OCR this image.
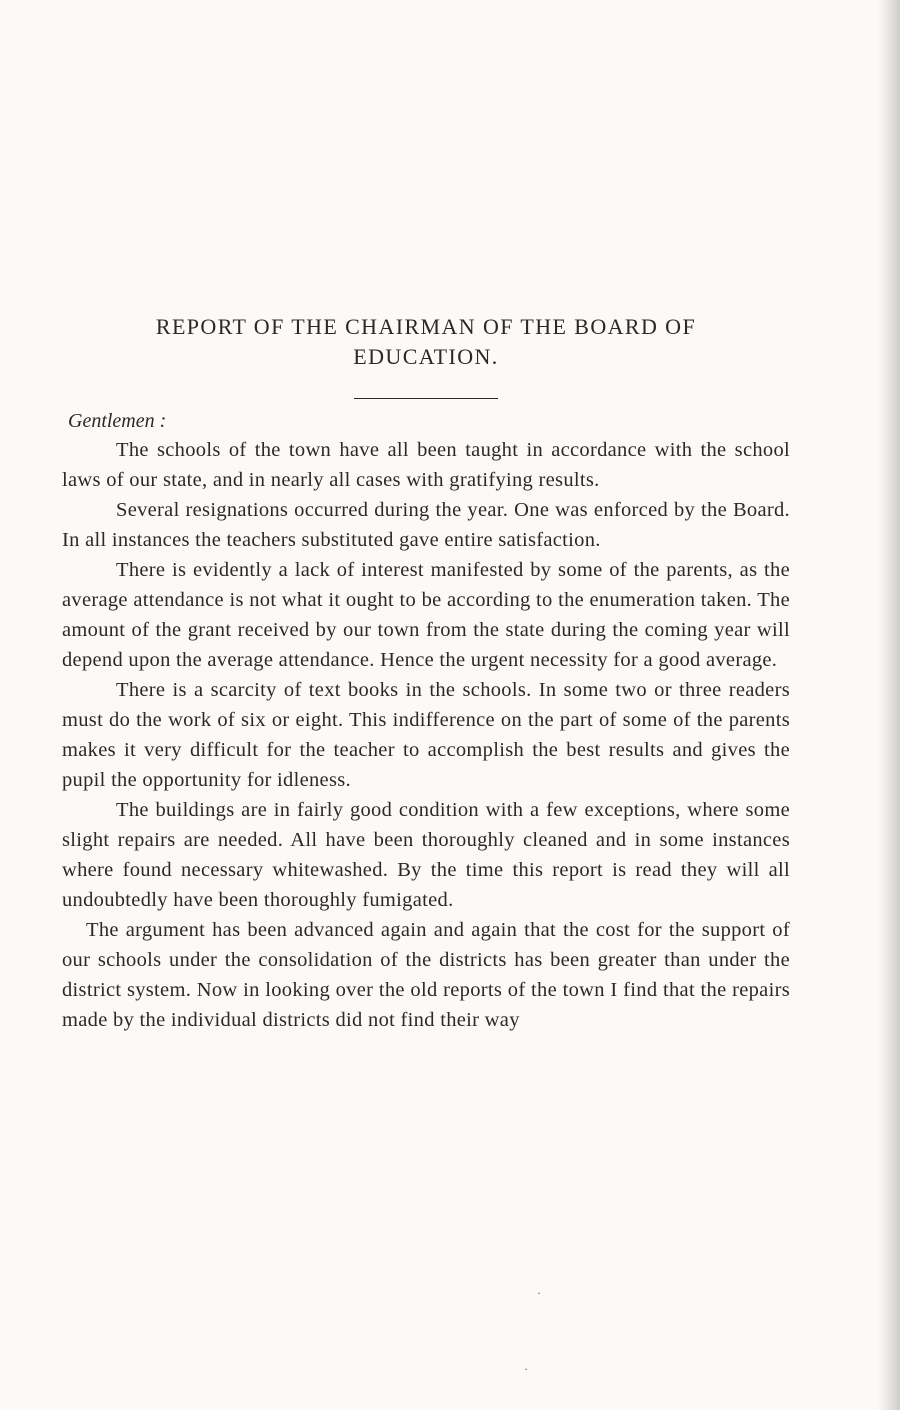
REPORT OF THE CHAIRMAN OF THE BOARD OF
EDUCATION.

Gentlemen :

The schools of the town have all been taught in accordance with the school laws of our state, and in nearly all cases with gratifying results.

Several resignations occurred during the year. One was enforced by the Board. In all instances the teachers substituted gave entire satisfaction.

There is evidently a lack of interest manifested by some of the parents, as the average attendance is not what it ought to be according to the enumeration taken. The amount of the grant received by our town from the state during the coming year will depend upon the average attendance. Hence the urgent necessity for a good average.

There is a scarcity of text books in the schools. In some two or three readers must do the work of six or eight. This indifference on the part of some of the parents makes it very difficult for the teacher to accomplish the best results and gives the pupil the opportunity for idleness.

The buildings are in fairly good condition with a few exceptions, where some slight repairs are needed. All have been thoroughly cleaned and in some instances where found necessary whitewashed. By the time this report is read they will all undoubtedly have been thoroughly fumigated.

The argument has been advanced again and again that the cost for the support of our schools under the consolidation of the districts has been greater than under the district system. Now in looking over the old reports of the town I find that the repairs made by the individual districts did not find their way

·
·
